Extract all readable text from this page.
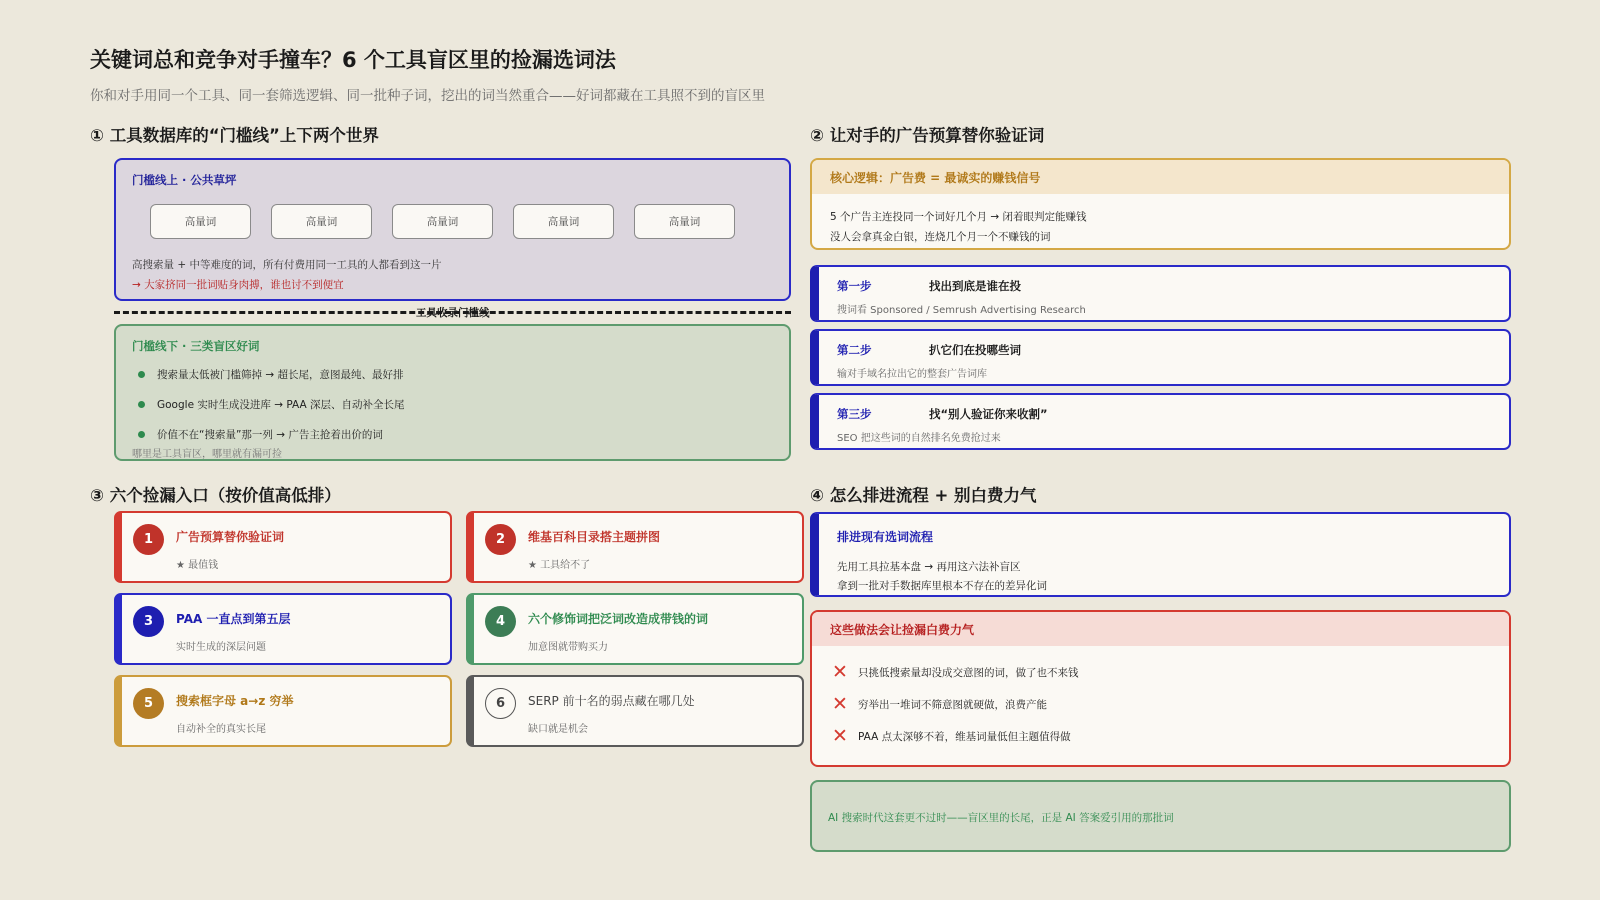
关键词总和竞争对手撞车？6 个工具盲区里的捡漏选词法
你和对手用同一个工具、同一套筛选逻辑、同一批种子词，挖出的词当然重合——好词都藏在工具照不到的盲区里
① 工具数据库的“门槛线”上下两个世界
门槛线上 · 公共草坪
高量词	高量词	高量词	高量词	高量词
高搜索量 + 中等难度的词，所有付费用同一工具的人都看到这一片
→ 大家挤同一批词贴身肉搏，谁也讨不到便宜
工具收录门槛线
门槛线下 · 三类盲区好词
搜索量太低被门槛筛掉 → 超长尾，意图最纯、最好排
Google 实时生成没进库 → PAA 深层、自动补全长尾
价值不在“搜索量”那一列 → 广告主抢着出价的词
哪里是工具盲区，哪里就有漏可捡
② 让对手的广告预算替你验证词
核心逻辑：广告费 = 最诚实的赚钱信号
5 个广告主连投同一个词好几个月 → 闭着眼判定能赚钱
没人会拿真金白银，连烧几个月一个不赚钱的词
第一步	找出到底是谁在投
搜词看 Sponsored / Semrush Advertising Research
第二步	扒它们在投哪些词
输对手域名拉出它的整套广告词库
第三步	找“别人验证你来收割”
SEO 把这些词的自然排名免费抢过来
③ 六个捡漏入口（按价值高低排）
1	广告预算替你验证词
★ 最值钱
2	维基百科目录搭主题拼图
★ 工具给不了
3	PAA 一直点到第五层
实时生成的深层问题
4	六个修饰词把泛词改造成带钱的词
加意图就带购买力
5	搜索框字母 a→z 穷举
自动补全的真实长尾
6	SERP 前十名的弱点藏在哪几处
缺口就是机会
④ 怎么排进流程 + 别白费力气
排进现有选词流程
先用工具拉基本盘 → 再用这六法补盲区
拿到一批对手数据库里根本不存在的差异化词
这些做法会让捡漏白费力气
✕ 只挑低搜索量却没成交意图的词，做了也不来钱
✕ 穷举出一堆词不筛意图就硬做，浪费产能
✕ PAA 点太深够不着，维基词量低但主题值得做
AI 搜索时代这套更不过时——盲区里的长尾，正是 AI 答案爱引用的那批词
